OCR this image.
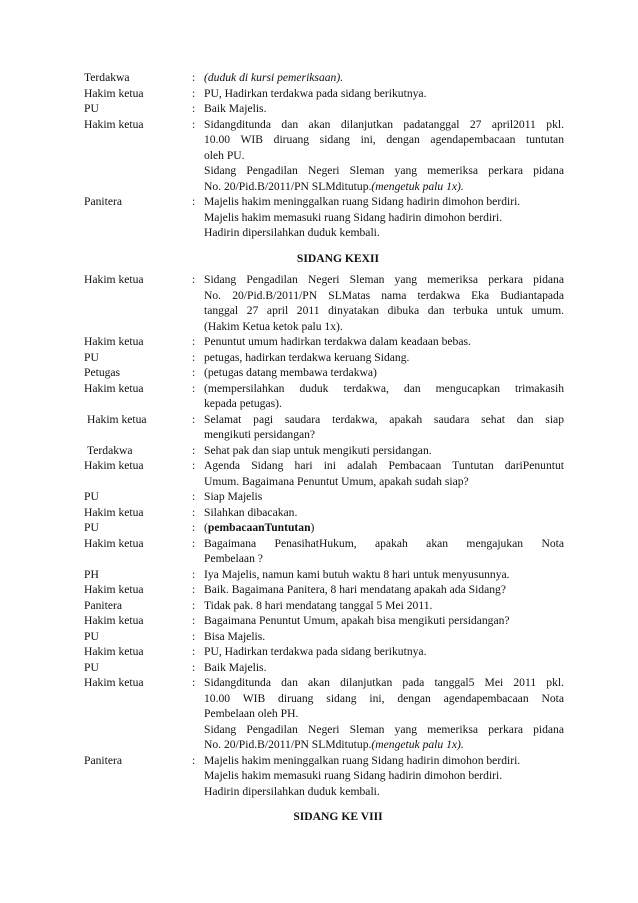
Terdakwa	: (duduk di kursi pemeriksaan).
Hakim ketua	: PU, Hadirkan terdakwa pada sidang berikutnya.
PU	: Baik Majelis.
Hakim ketua	: Sidangditunda dan akan dilanjutkan padatanggal 27 april2011 pkl.
10.00 WIB diruang sidang ini, dengan agendapembacaan tuntutan
oleh PU.
Sidang Pengadilan Negeri Sleman yang memeriksa perkara pidana
No. 20/Pid.B/2011/PN SLMditutup.(mengetuk palu 1x).
Panitera	: Majelis hakim meninggalkan ruang Sidang hadirin dimohon berdiri.
Majelis hakim memasuki ruang Sidang hadirin dimohon berdiri.
Hadirin dipersilahkan duduk kembali.
SIDANG KEXII
Hakim ketua	: Sidang Pengadilan Negeri Sleman yang memeriksa perkara pidana
No. 20/Pid.B/2011/PN SLMatas nama terdakwa Eka Budiantapada
tanggal 27 april 2011 dinyatakan dibuka dan terbuka untuk umum.
(Hakim Ketua ketok palu 1x).
Hakim ketua	: Penuntut umum hadirkan terdakwa dalam keadaan bebas.
PU	: petugas, hadirkan terdakwa keruang Sidang.
Petugas	: (petugas datang membawa terdakwa)
Hakim ketua	: (mempersilahkan duduk terdakwa, dan mengucapkan trimakasih
kepada petugas).
Hakim ketua	: Selamat pagi saudara terdakwa, apakah saudara sehat dan siap
mengikuti persidangan?
Terdakwa	: Sehat pak dan siap untuk mengikuti persidangan.
Hakim ketua	: Agenda Sidang hari ini adalah Pembacaan Tuntutan dariPenuntut
Umum. Bagaimana Penuntut Umum, apakah sudah siap?
PU	: Siap Majelis
Hakim ketua	: Silahkan dibacakan.
PU	: (pembacaanTuntutan)
Hakim ketua	: Bagaimana PenasihatHukum, apakah akan mengajukan Nota
Pembelaan ?
PH	: Iya Majelis, namun kami butuh waktu 8 hari untuk menyusunnya.
Hakim ketua	: Baik. Bagaimana Panitera, 8 hari mendatang apakah ada Sidang?
Panitera	: Tidak pak. 8 hari mendatang tanggal 5 Mei 2011.
Hakim ketua	: Bagaimana Penuntut Umum, apakah bisa mengikuti persidangan?
PU	: Bisa Majelis.
Hakim ketua	: PU, Hadirkan terdakwa pada sidang berikutnya.
PU	: Baik Majelis.
Hakim ketua	: Sidangditunda dan akan dilanjutkan pada tanggal5 Mei 2011 pkl.
10.00 WIB diruang sidang ini, dengan agendapembacaan Nota
Pembelaan oleh PH.
Sidang Pengadilan Negeri Sleman yang memeriksa perkara pidana
No. 20/Pid.B/2011/PN SLMditutup.(mengetuk palu 1x).
Panitera	: Majelis hakim meninggalkan ruang Sidang hadirin dimohon berdiri.
Majelis hakim memasuki ruang Sidang hadirin dimohon berdiri.
Hadirin dipersilahkan duduk kembali.
SIDANG KE VIII
